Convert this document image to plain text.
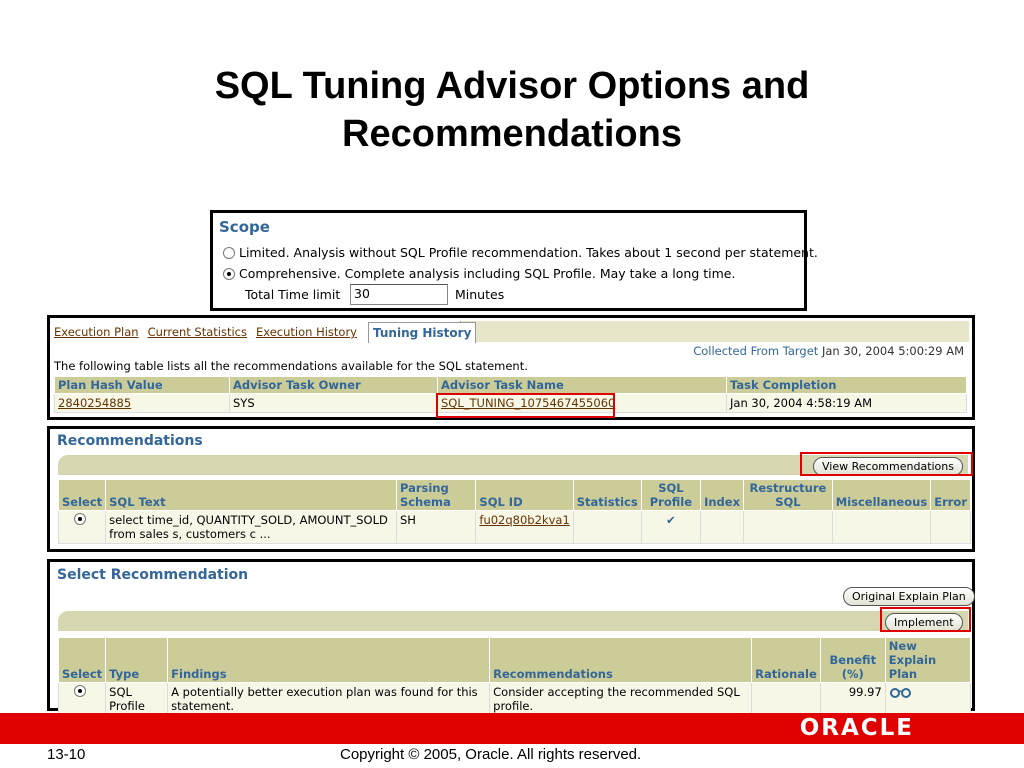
SQL Tuning Advisor Options and
Recommendations
Scope
Limited. Analysis without SQL Profile recommendation. Takes about 1 second per statement.
Comprehensive. Complete analysis including SQL Profile. May take a long time.
Total Time limit	30	Minutes
Execution Plan Current Statistics Execution History	Tuning History
Collected From Target Jan 30, 2004 5:00:29 AM
The following table lists all the recommendations available for the SQL statement.
Plan Hash Value	Advisor Task Owner	Advisor Task Name	Task Completion
2840254885	SYS	SQL_TUNING_1075467455060	Jan 30, 2004 4:58:19 AM
Recommendations
View Recommendations
Select	SQL Text	Parsing Schema	SQL ID	Statistics	SQL Profile	Index	Restructure SQL	Miscellaneous	Error
	select time_id, QUANTITY_SOLD, AMOUNT_SOLD from sales s, customers c ...	SH	fu02q80b2kva1		✔				
Select Recommendation
Original Explain Plan
Implement
Select	Type	Findings	Recommendations	Rationale	Benefit (%)	New Explain Plan
	SQL Profile	A potentially better execution plan was found for this statement.	Consider accepting the recommended SQL profile.		99.97	
ORACLE
13-10	Copyright © 2005, Oracle. All rights reserved.
